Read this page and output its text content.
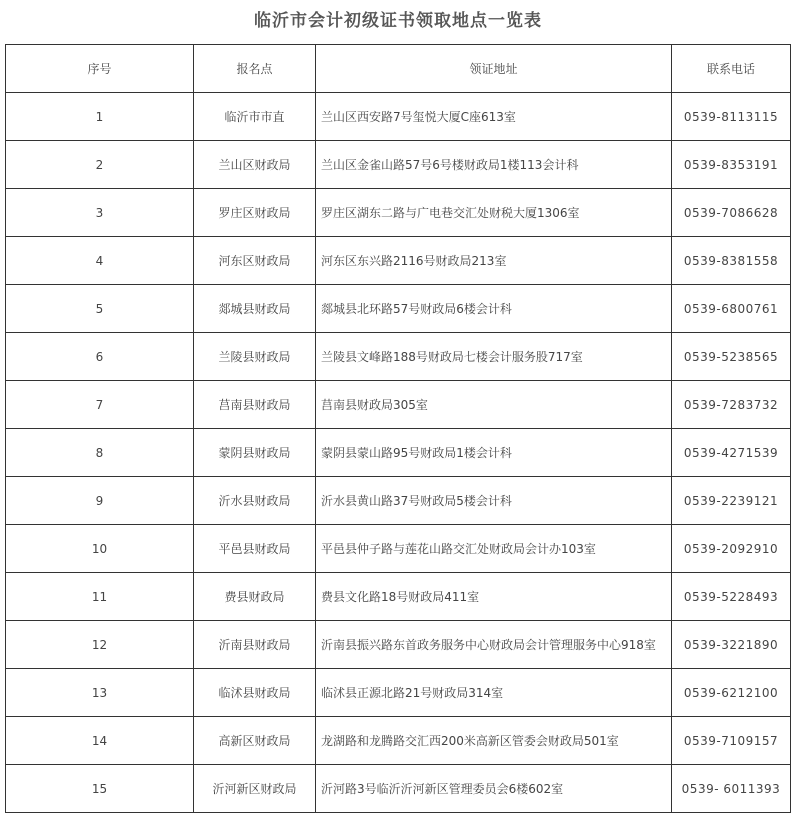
临沂市会计初级证书领取地点一览表
序号	报名点	领证地址	联系电话
1	临沂市市直	兰山区西安路7号玺悦大厦C座613室	0539-8113115
2	兰山区财政局	兰山区金雀山路57号6号楼财政局1楼113会计科	0539-8353191
3	罗庄区财政局	罗庄区湖东二路与广电巷交汇处财税大厦1306室	0539-7086628
4	河东区财政局	河东区东兴路2116号财政局213室	0539-8381558
5	郯城县财政局	郯城县北环路57号财政局6楼会计科	0539-6800761
6	兰陵县财政局	兰陵县文峰路188号财政局七楼会计服务股717室	0539-5238565
7	莒南县财政局	莒南县财政局305室	0539-7283732
8	蒙阴县财政局	蒙阴县蒙山路95号财政局1楼会计科	0539-4271539
9	沂水县财政局	沂水县黄山路37号财政局5楼会计科	0539-2239121
10	平邑县财政局	平邑县仲子路与莲花山路交汇处财政局会计办103室	0539-2092910
11	费县财政局	费县文化路18号财政局411室	0539-5228493
12	沂南县财政局	沂南县振兴路东首政务服务中心财政局会计管理服务中心918室	0539-3221890
13	临沭县财政局	临沭县正源北路21号财政局314室	0539-6212100
14	高新区财政局	龙湖路和龙腾路交汇西200米高新区管委会财政局501室	0539-7109157
15	沂河新区财政局	沂河路3号临沂沂河新区管理委员会6楼602室	0539- 6011393
